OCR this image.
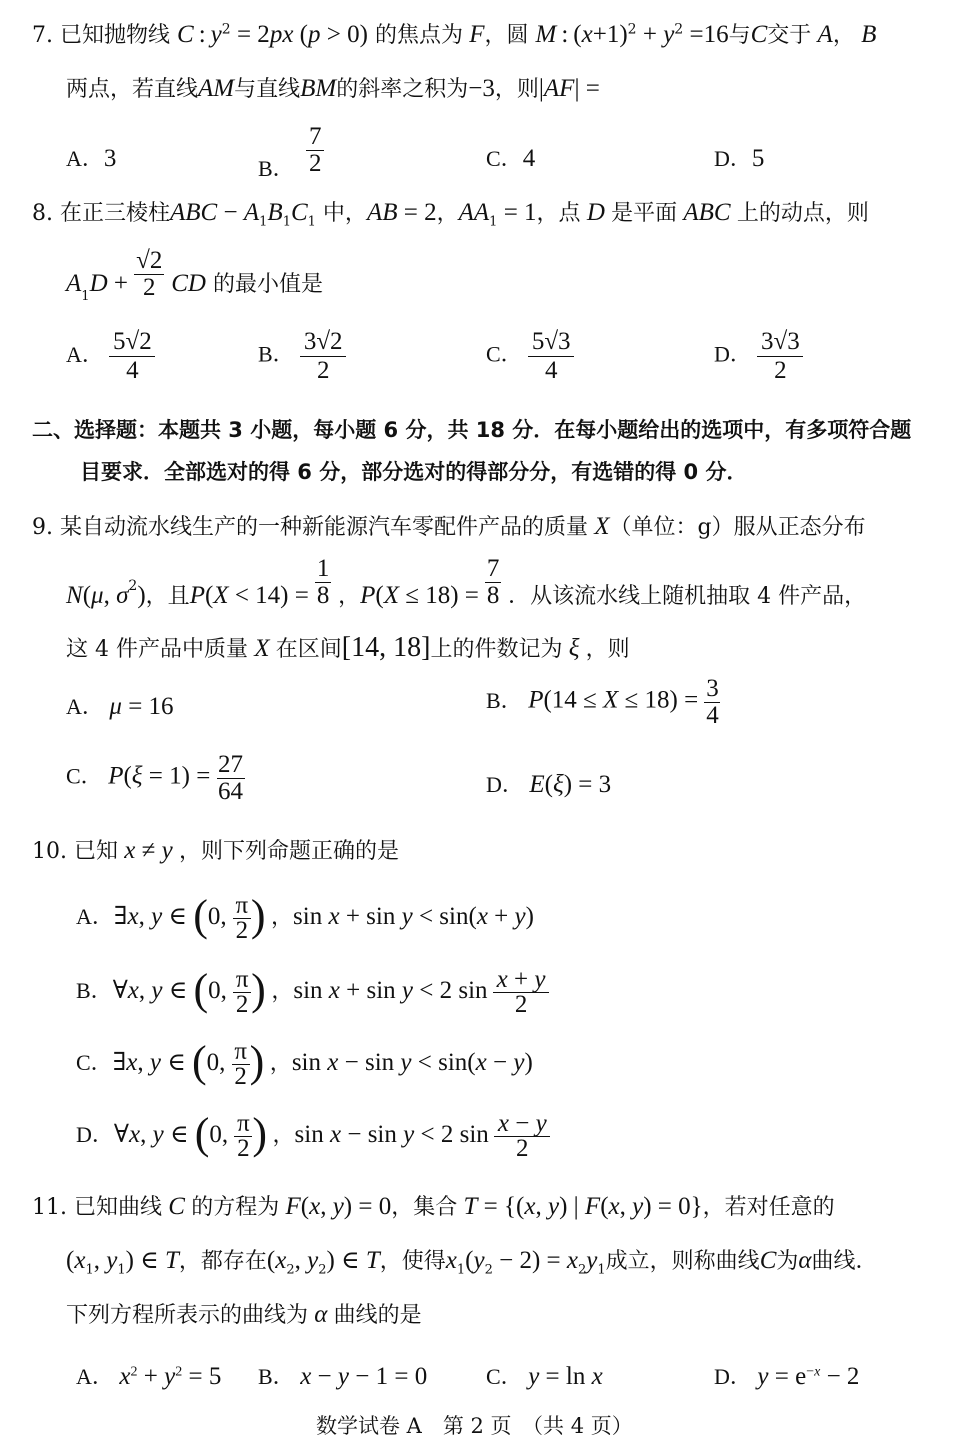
7. 已知抛物线 C : $y^2 = 2px$ (p > 0) 的焦点为 F，圆 M : $(x+1)^2 + y^2 =16$与C交于 A， B
两点，若直线AM与直线BM的斜率之积为−3，则|AF| =
A．3	B． $\frac{7}{2}$	C．4	D．5
8. 在正三棱柱ABC − $A_1B_1C_1$ 中，AB = 2，$AA_1 = 1$，点 D 是平面 ABC 上的动点，则
$A_1D + \frac{√2}{2}$ CD 的最小值是
A． $\frac{5√2}{4}$	B． $\frac{3√2}{2}$	C． $\frac{5√3}{4}$	D． $\frac{3√3}{2}$
二、选择题：本题共 3 小题，每小题 6 分，共 18 分．在每小题给出的选项中，有多项符合题
目要求．全部选对的得 6 分，部分选对的得部分分，有选错的得 0 分．
9. 某自动流水线生产的一种新能源汽车零配件产品的质量 X（单位：g）服从正态分布
N(μ, $\sigma^2$)，且$P(X < 14) = \frac{1}{8}$ ，$P(X \le 18) = \frac{7}{8}$ ．从该流水线上随机抽取 4 件产品，
这 4 件产品中质量 X 在区间[14, 18]上的件数记为 ξ ，则
A． μ = 16	B． $P(14 \le X \le 18) = \frac{3}{4}$
C． $P(\xi = 1) = \frac{27}{64}$	D． E(ξ) = 3
10. 已知 x ≠ y ，则下列命题正确的是
A．∃x, y ∈ (0, $\frac{\pi}{2}$ ) ，sin x + sin y < sin(x + y)
B．∀x, y ∈ (0, $\frac{\pi}{2}$ ) ，sin x + sin y < 2 $\sin \frac{x + y}{2}$
C．∃x, y ∈ (0, $\frac{\pi}{2}$ ) ，sin x − sin y < sin(x − y)
D．∀x, y ∈ (0, $\frac{\pi}{2}$ ) ，sin x − sin y < 2 $\sin \frac{x - y}{2}$
11. 已知曲线 C 的方程为 F(x, y) = 0，集合 T = {(x, y) | F(x, y) = 0}，若对任意的
($x_1$, $y_1$) ∈ T，都存在($x_2$, $y_2$) ∈ T，使得$x_1(y_2 - 2) = x_2y_1$成立，则称曲线C为α曲线．
下列方程所表示的曲线为 α 曲线的是
A． $x^2 + y^2 = 5$ B． x − y − 1 = 0	C． y = ln x	D． $y = e^{-x} - 2$
数学试卷 A　第 2 页　（共 4 页）
